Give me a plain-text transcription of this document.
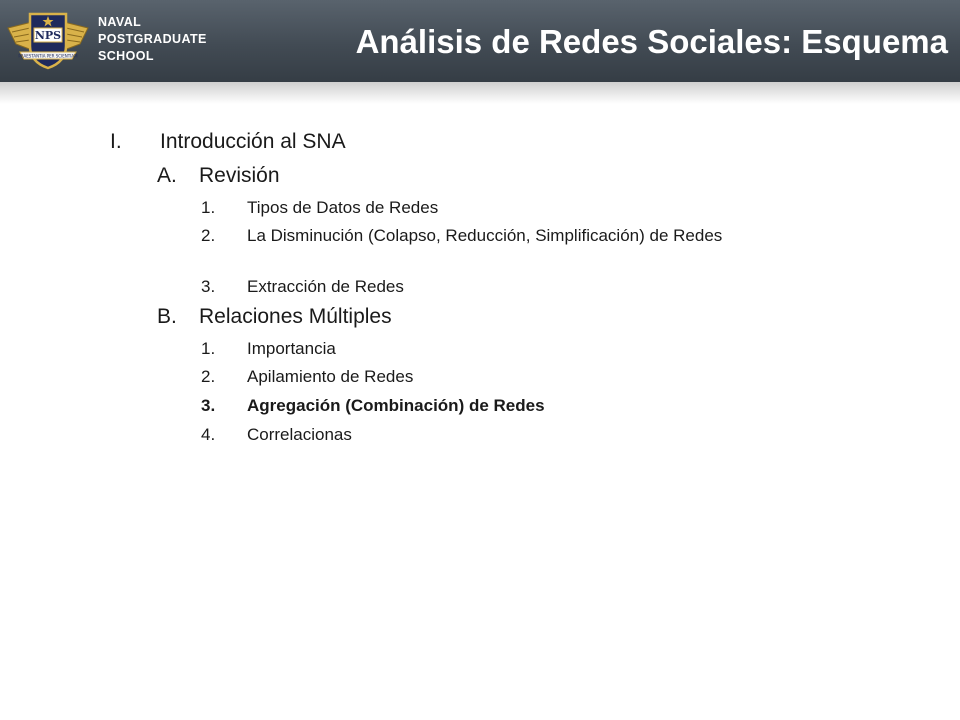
NPS
PRAESTANTIA PER SCIENTIAM
NAVAL
POSTGRADUATE
SCHOOL	Análisis de Redes Sociales: Esquema
I. Introducción al SNA
A. Revisión
1. Tipos de Datos de Redes
2. La Disminución (Colapso, Reducción, Simplificación) de Redes
3. Extracción de Redes
B. Relaciones Múltiples
1. Importancia
2. Apilamiento de Redes
3. Agregación (Combinación) de Redes
4. Correlacionas
